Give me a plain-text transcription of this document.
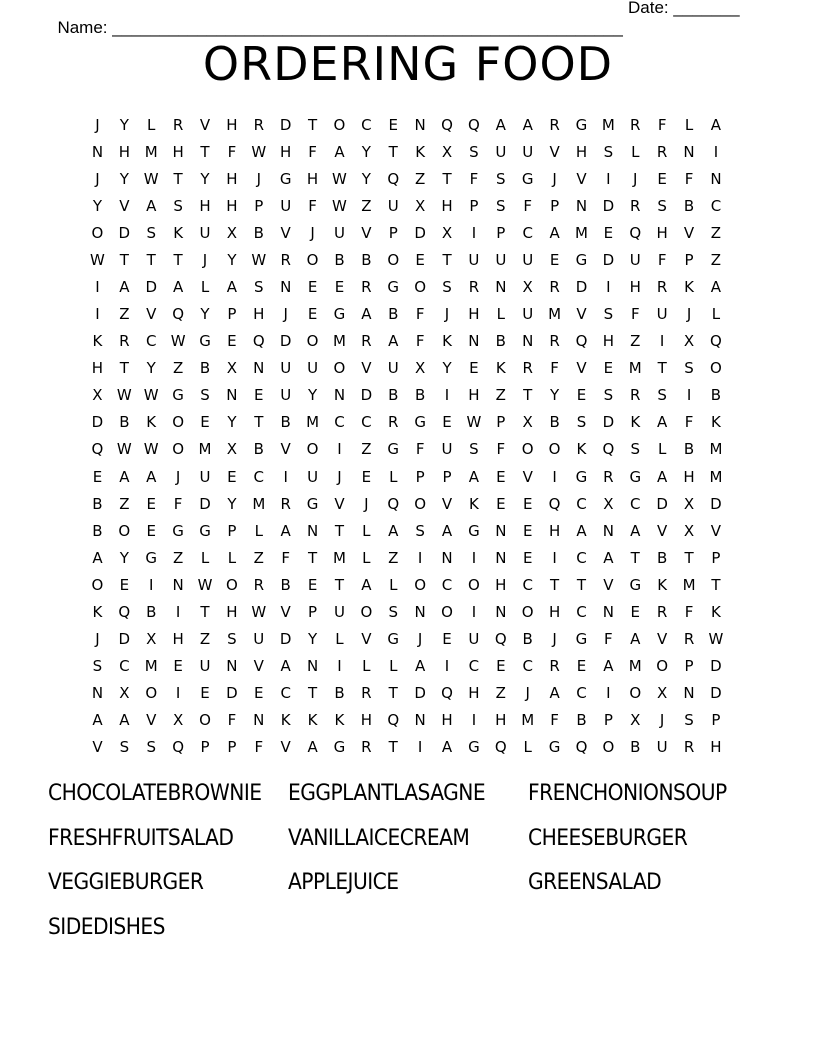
Name: ______________________________________________________

Date: _______

ORDERING FOOD
J	Y	L	R	V	H	R	D	T	O	C	E	N	Q	Q	A	A	R	G M	R	F	L	A
N	H M H	T	F	W H	F	A	Y	T	K	X	S	U	U	V	H	S	L	R	N	I
J	Y W T	Y	H	J	G	H W Y	Q	Z	T	F	S	G	J	V	I	J	E	F	N
Y	V	A	S	H	H	P	U	F	W Z	U	X	H	P	S	F	P	N	D	R	S	B	C
O	D	S	K	U	X	B	V	J	U	V	P	D	X	I	P	C	A	M	E	Q	H	V	Z
W T	T	T	J	Y W R	O	B	B	O	E	T	U	U	U	E	G	D	U	F	P	Z
I	A	D	A	L	A	S	N	E	E	R	G	O	S	R	N	X	R	D	I	H	R	K	A
I	Z	V	Q	Y	P	H	J	E	G	A	B	F	J	H	L	U M	V	S	F	U	J	L
K	R	C W G	E	Q	D	O M	R	A	F	K	N	B	N	R	Q	H	Z	I	X	Q
H	T	Y	Z	B	X	N	U	U	O	V	U	X	Y	E	K	R	F	V	E	M	T	S	O
X W W G	S	N	E	U	Y	N	D	B	B	I	H	Z	T	Y	E	S	R	S	I	B
D	B	K	O	E	Y	T	B	M	C	C	R	G	E W P	X	B	S	D	K	A	F	K
Q W W O M	X	B	V	O	I	Z	G	F	U	S	F	O	O	K	Q	S	L	B	M
E	A	A	J	U	E	C	I	U	J	E	L	P	P	A	E	V	I	G	R	G	A	H M
B	Z	E	F	D	Y	M	R	G	V	J	Q	O	V	K	E	E	Q	C	X	C	D	X	D
B	O	E	G	G	P	L	A	N	T	L	A	S	A	G	N	E	H	A	N	A	V	X	V
A	Y	G	Z	L	L	Z	F	T	M	L	Z	I	N	I	N	E	I	C	A	T	B	T	P
O	E	I	N W O	R	B	E	T	A	L	O	C	O	H	C	T	T	V	G	K	M	T
K	Q	B	I	T	H W V	P	U	O	S	N	O	I	N	O	H	C	N	E	R	F	K
J	D	X	H	Z	S	U	D	Y	L	V	G	J	E	U	Q	B	J	G	F	A	V	R W
S	C	M	E	U	N	V	A	N	I	L	L	A	I	C	E	C	R	E	A	M O	P	D
N	X	O	I	E	D	E	C	T	B	R	T	D	Q	H	Z	J	A	C	I	O	X	N	D
A	A	V	X	O	F	N	K	K	K	H	Q	N	H	I	H M	F	B	P	X	J	S	P
V	S	S	Q	P	P	F	V	A	G	R	T	I	A	G	Q	L	G	Q	O	B	U	R	H
CHOCOLATEBROWNIE	EGGPLANTLASAGNE	FRENCHONIONSOUP
FRESHFRUITSALAD	VANILLAICECREAM	CHEESEBURGER
VEGGIEBURGER	APPLEJUICE	GREENSALAD
SIDEDISHES
